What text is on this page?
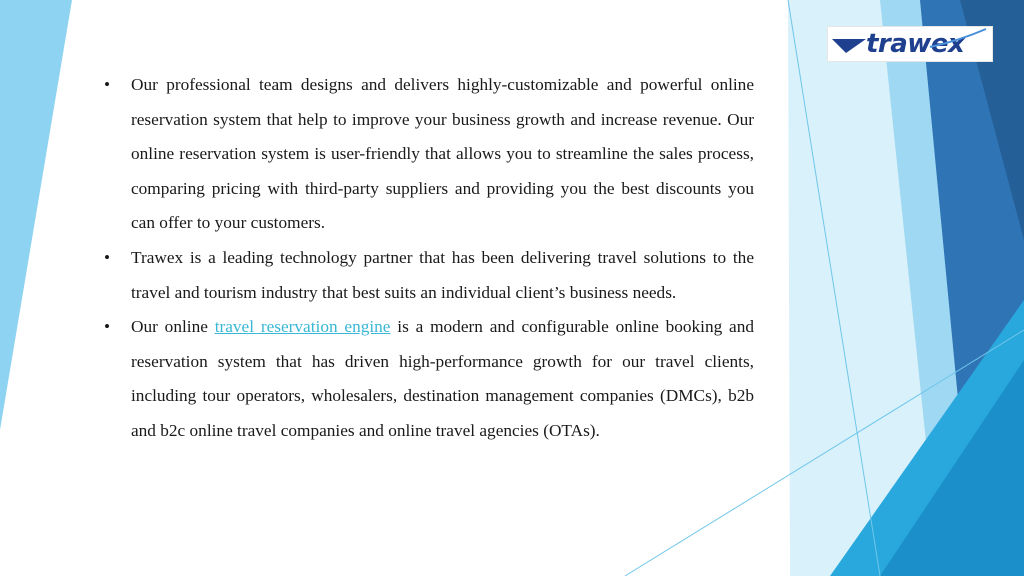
trawex
• Our professional team designs and delivers highly-customizable and powerful online reservation system that help to improve your business growth and increase revenue. Our online reservation system is user-friendly that allows you to streamline the sales process, comparing pricing with third-party suppliers and providing you the best discounts you can offer to your customers.
• Trawex is a leading technology partner that has been delivering travel solutions to the travel and tourism industry that best suits an individual client’s business needs.
• Our online travel reservation engine is a modern and configurable online booking and reservation system that has driven high-performance growth for our travel clients, including tour operators, wholesalers, destination management companies (DMCs), b2b and b2c online travel companies and online travel agencies (OTAs).
